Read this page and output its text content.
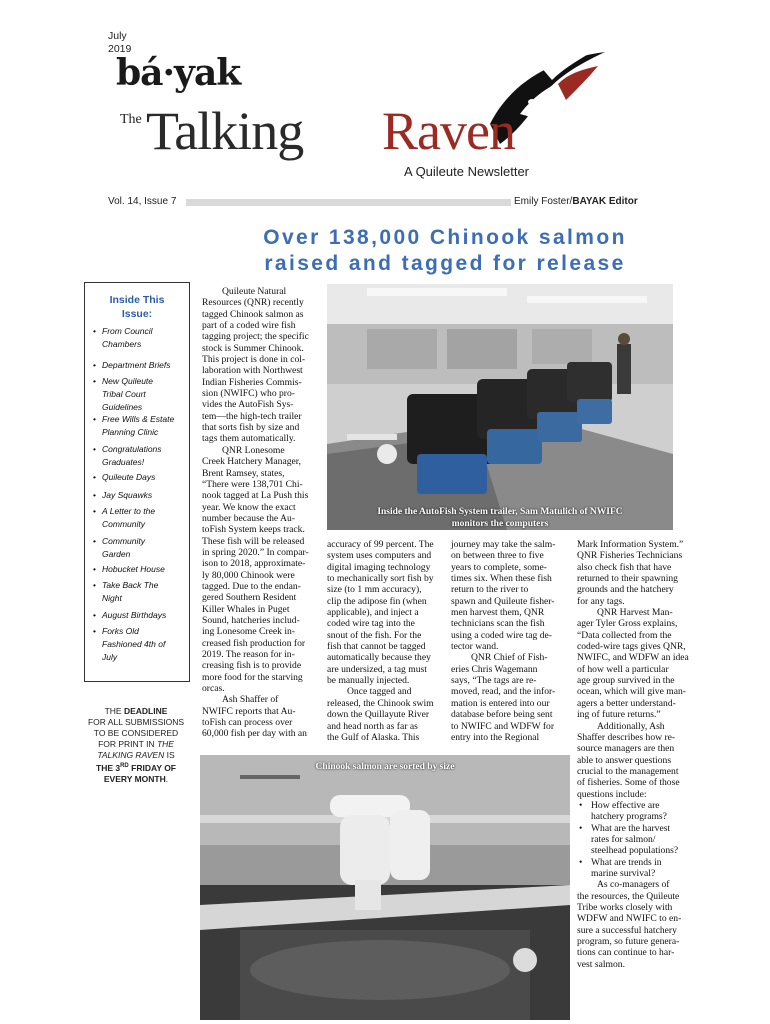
July
2019
bá·yak
The Talking Raven
A Quileute Newsletter
Vol. 14, Issue 7	Emily Foster/BAYAK Editor
Over 138,000 Chinook salmon
raised and tagged for release
Inside This
Issue:
• From Council
Chambers
• Department Briefs
• New Quileute
Tribal Court
Guidelines
• Free Wills & Estate
Planning Clinic
• Congratulations
Graduates!
• Quileute Days
• Jay Squawks
• A Letter to the
Community
• Community
Garden
• Hobucket House
• Take Back The
Night
• August Birthdays
• Forks Old
Fashioned 4th of
July
THE DEADLINE
FOR ALL SUBMISSIONS TO BE CONSIDERED FOR PRINT IN THE TALKING RAVEN IS
THE 3RD FRIDAY OF EVERY MONTH.
Inside the AutoFish System trailer, Sam Matulich of NWIFC
monitors the computers
Chinook salmon are sorted by size

Quileute Natural

Resources (QNR) recently

tagged Chinook salmon as

part of a coded wire fish

tagging project; the specific

stock is Summer Chinook.

This project is done in col-

laboration with Northwest

Indian Fisheries Commis-

sion (NWIFC) who pro-

vides the AutoFish Sys-

tem—the high-tech trailer

that sorts fish by size and

tags them automatically.

QNR Lonesome

Creek Hatchery Manager,

Brent Ramsey, states,

“There were 138,701 Chi-

nook tagged at La Push this

year. We know the exact

number because the Au-

toFish System keeps track.

These fish will be released

in spring 2020.” In compar-

ison to 2018, approximate-

ly 80,000 Chinook were

tagged. Due to the endan-

gered Southern Resident

Killer Whales in Puget

Sound, hatcheries includ-

ing Lonesome Creek in-

creased fish production for

2019. The reason for in-

creasing fish is to provide

more food for the starving

orcas.

Ash Shaffer of

NWIFC reports that Au-

toFish can process over

60,000 fish per day with an

accuracy of 99 percent. The

system uses computers and

digital imaging technology

to mechanically sort fish by

size (to 1 mm accuracy),

clip the adipose fin (when

applicable), and inject a

coded wire tag into the

snout of the fish. For the

fish that cannot be tagged

automatically because they

are undersized, a tag must

be manually injected.

Once tagged and

released, the Chinook swim

down the Quillayute River

and head north as far as

the Gulf of Alaska. This

journey may take the salm-

on between three to five

years to complete, some-

times six. When these fish

return to the river to

spawn and Quileute fisher-

men harvest them, QNR

technicians scan the fish

using a coded wire tag de-

tector wand.

QNR Chief of Fish-

eries Chris Wagemann

says, “The tags are re-

moved, read, and the infor-

mation is entered into our

database before being sent

to NWIFC and WDFW for

entry into the Regional

Mark Information System.”

QNR Fisheries Technicians

also check fish that have

returned to their spawning

grounds and the hatchery

for any tags.

QNR Harvest Man-

ager Tyler Gross explains,

“Data collected from the

coded-wire tags gives QNR,

NWIFC, and WDFW an idea

of how well a particular

age group survived in the

ocean, which will give man-

agers a better understand-

ing of future returns.”

Additionally, Ash

Shaffer describes how re-

source managers are then

able to answer questions

crucial to the management

of fisheries. Some of those

questions include:

• How effective are
hatchery programs?
• What are the harvest
rates for salmon/
steelhead populations?
• What are trends in
marine survival?

As co-managers of

the resources, the Quileute

Tribe works closely with

WDFW and NWIFC to en-

sure a successful hatchery

program, so future genera-

tions can continue to har-

vest salmon.
